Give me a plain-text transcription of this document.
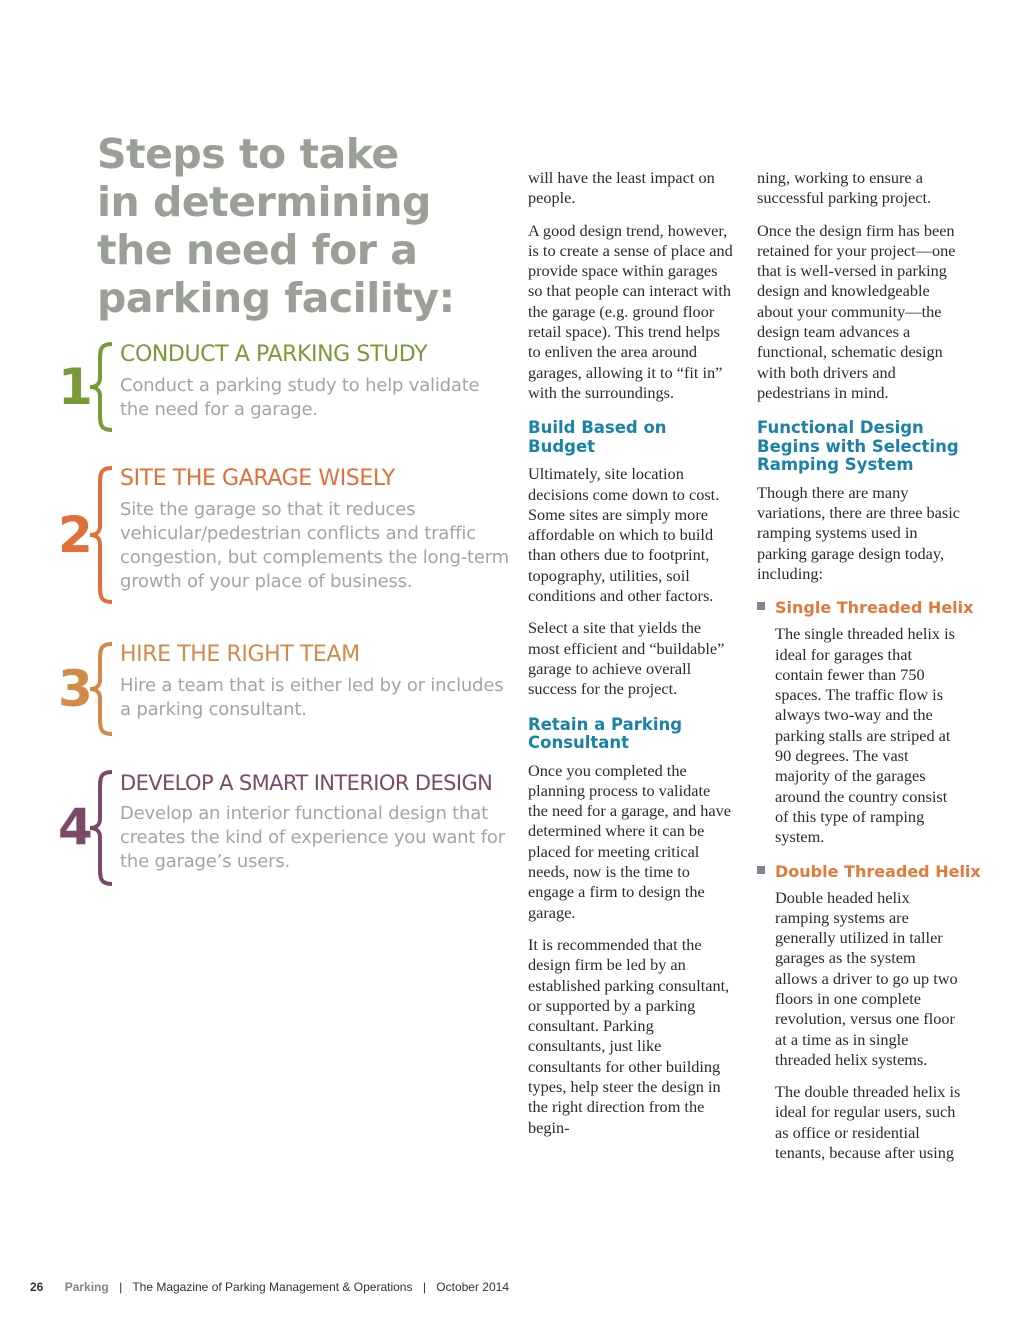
Steps to take
in determining
the need for a
parking facility:
1
CONDUCT A PARKING STUDY
Conduct a parking study to help validate the need for a garage.
2
SITE THE GARAGE WISELY
Site the garage so that it reduces vehicular/pedestrian conflicts and traffic congestion, but complements the long-term growth of your place of business.
3
HIRE THE RIGHT TEAM
Hire a team that is either led by or includes a parking consultant.
4
DEVELOP A SMART INTERIOR DESIGN
Develop an interior functional design that creates the kind of experience you want for the garage’s users.

will have the least impact on people.

A good design trend, however, is to create a sense of place and provide space within garages so that people can interact with the garage (e.g. ground floor retail space). This trend helps to enliven the area around garages, allowing it to “fit in” with the surroundings.

Build Based on Budget

Ultimately, site location decisions come down to cost. Some sites are simply more affordable on which to build than others due to footprint, topography, utilities, soil conditions and other factors.

Select a site that yields the most efficient and “buildable” garage to achieve overall success for the project.

Retain a Parking Consultant

Once you completed the planning process to validate the need for a garage, and have determined where it can be placed for meeting critical needs, now is the time to engage a firm to design the garage.

It is recommended that the design firm be led by an established parking consultant, or supported by a parking consultant. Parking consultants, just like consultants for other building types, help steer the design in the right direction from the begin-

ning, working to ensure a successful parking project.

Once the design firm has been retained for your project—one that is well-versed in parking design and knowledgeable about your community—the design team advances a functional, schematic design with both drivers and pedestrians in mind.

Functional Design Begins with Selecting Ramping System

Though there are many variations, there are three basic ramping systems used in parking garage design today, including:

Single Threaded Helix

The single threaded helix is ideal for garages that contain fewer than 750 spaces. The traffic flow is always two-way and the parking stalls are striped at 90 degrees. The vast majority of the garages around the country consist of this type of ramping system.

Double Threaded Helix

Double headed helix ramping systems are generally utilized in taller garages as the system allows a driver to go up two floors in one complete revolution, versus one floor at a time as in single threaded helix systems.

The double threaded helix is ideal for regular users, such as office or residential tenants, because after using

26 Parking | The Magazine of Parking Management & Operations | October 2014
